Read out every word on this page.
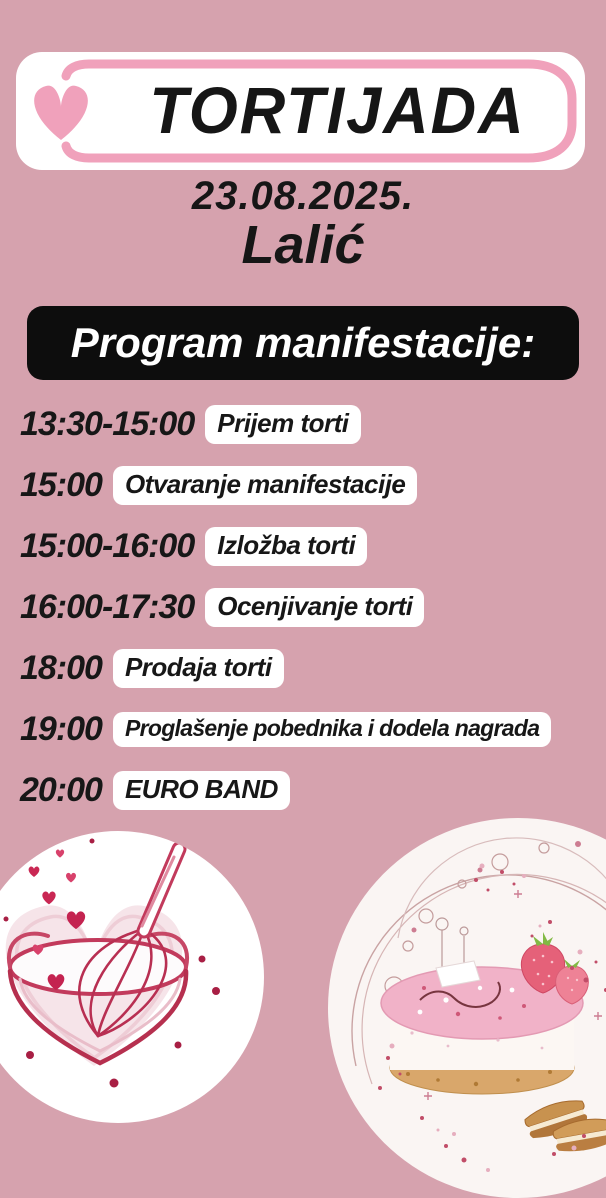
TORTIJADA
23.08.2025.
Lalić
Program manifestacije:
13:30-15:00 Prijem torti
15:00 Otvaranje manifestacije
15:00-16:00 Izložba torti
16:00-17:30 Ocenjivanje torti
18:00 Prodaja torti
19:00	Proglašenje pobednika i dodela nagrada
20:00 EURO BAND
